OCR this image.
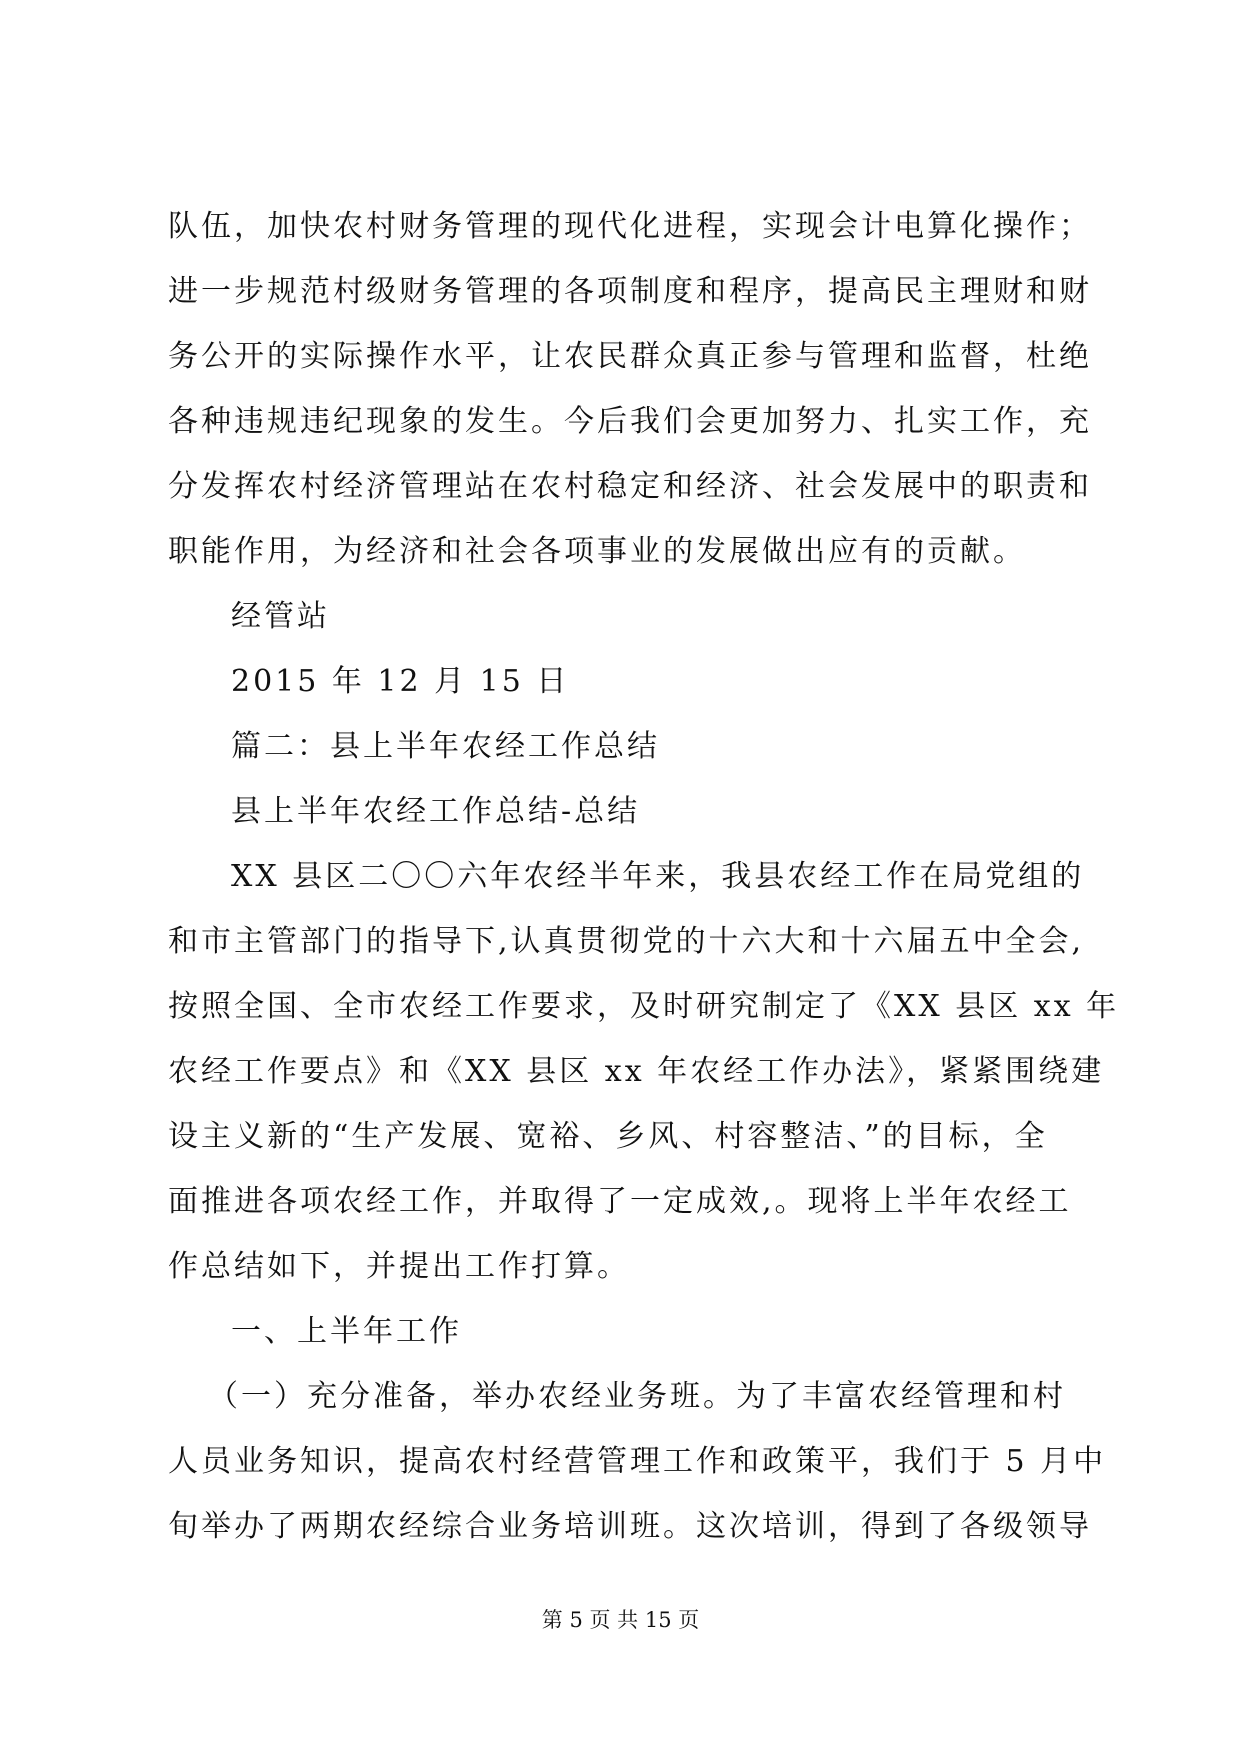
队伍，加快农村财务管理的现代化进程，实现会计电算化操作；
进一步规范村级财务管理的各项制度和程序，提高民主理财和财
务公开的实际操作水平，让农民群众真正参与管理和监督，杜绝
各种违规违纪现象的发生。今后我们会更加努力、扎实工作，充
分发挥农村经济管理站在农村稳定和经济、社会发展中的职责和
职能作用，为经济和社会各项事业的发展做出应有的贡献。
经管站
2015 年 12 月 15 日
篇二：县上半年农经工作总结
县上半年农经工作总结-总结
XX 县区二〇〇六年农经半年来，我县农经工作在局党组的
和市主管部门的指导下,认真贯彻党的十六大和十六届五中全会,
按照全国、全市农经工作要求，及时研究制定了《XX 县区 xx 年
农经工作要点》和《XX 县区 xx 年农经工作办法》，紧紧围绕建
设主义新的“生产发展、宽裕、乡风、村容整洁、”的目标，全
面推进各项农经工作，并取得了一定成效,。现将上半年农经工
作总结如下，并提出工作打算。
一、上半年工作
（一）充分准备，举办农经业务班。为了丰富农经管理和村
人员业务知识，提高农村经营管理工作和政策平，我们于 5 月中
旬举办了两期农经综合业务培训班。这次培训，得到了各级领导
第 5 页 共 15 页
